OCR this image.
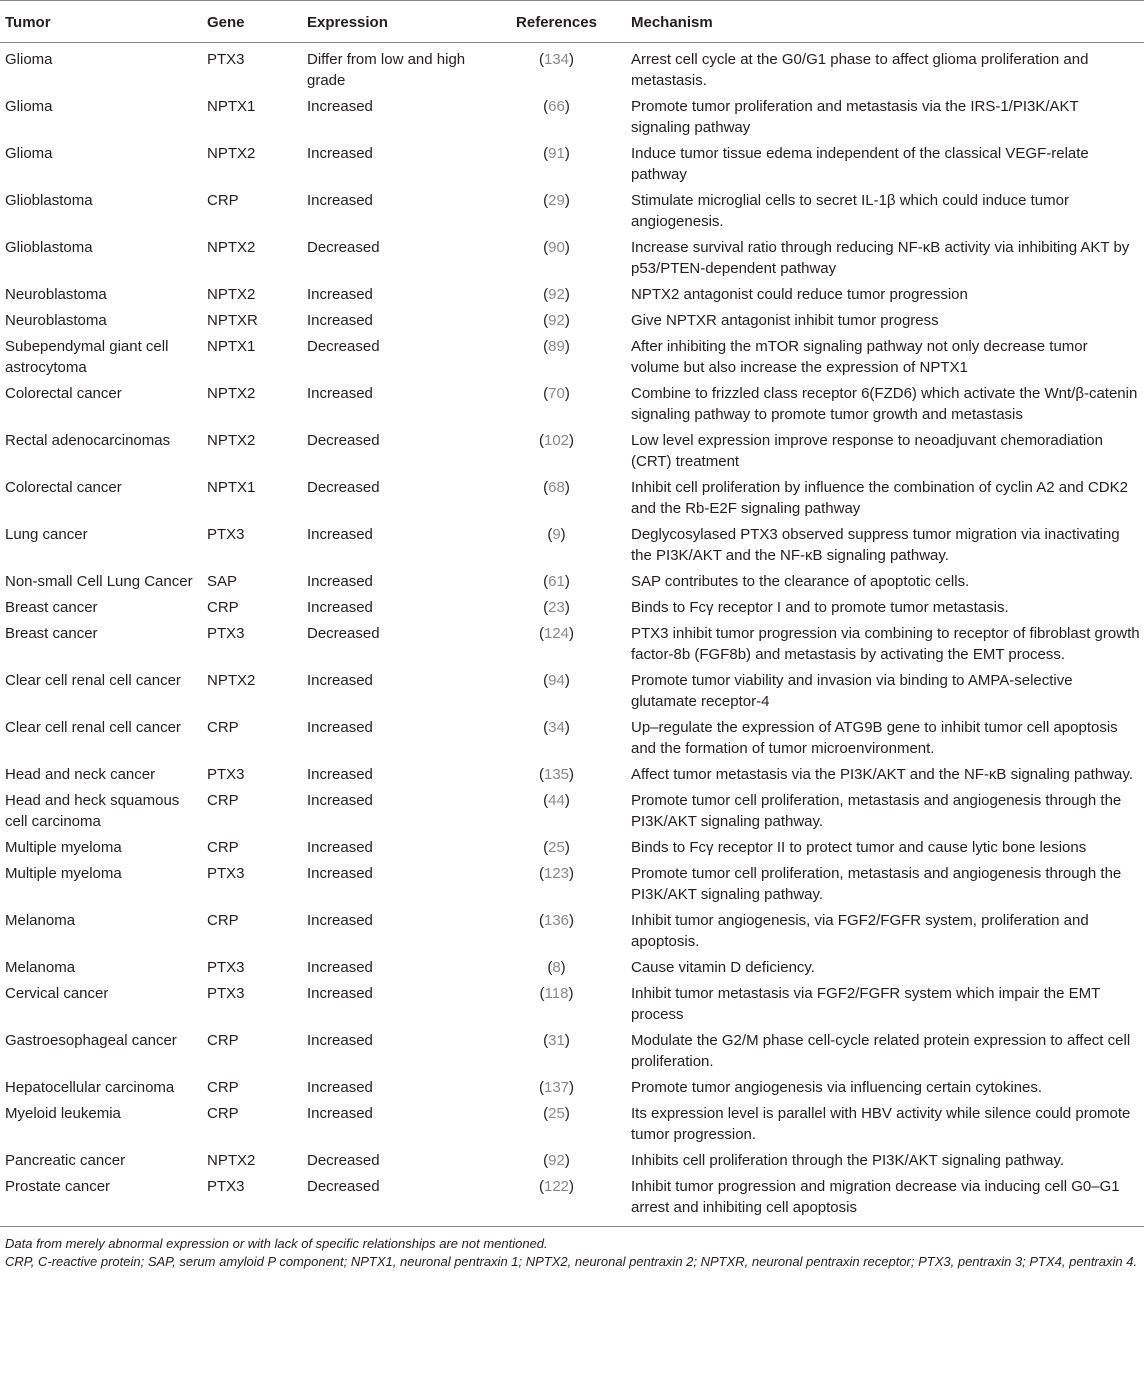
Tumor	Gene	Expression	References	Mechanism
Glioma	PTX3	Differ from low and high grade	(134)	Arrest cell cycle at the G0/G1 phase to affect glioma proliferation and metastasis.
Glioma	NPTX1	Increased	(66)	Promote tumor proliferation and metastasis via the IRS-1/PI3K/AKT signaling pathway
Glioma	NPTX2	Increased	(91)	Induce tumor tissue edema independent of the classical VEGF-relate pathway
Glioblastoma	CRP	Increased	(29)	Stimulate microglial cells to secret IL-1β which could induce tumor angiogenesis.
Glioblastoma	NPTX2	Decreased	(90)	Increase survival ratio through reducing NF-κB activity via inhibiting AKT by p53/PTEN-dependent pathway
Neuroblastoma	NPTX2	Increased	(92)	NPTX2 antagonist could reduce tumor progression
Neuroblastoma	NPTXR	Increased	(92)	Give NPTXR antagonist inhibit tumor progress
Subependymal giant cell astrocytoma	NPTX1	Decreased	(89)	After inhibiting the mTOR signaling pathway not only decrease tumor volume but also increase the expression of NPTX1
Colorectal cancer	NPTX2	Increased	(70)	Combine to frizzled class receptor 6(FZD6) which activate the Wnt/β-catenin signaling pathway to promote tumor growth and metastasis
Rectal adenocarcinomas	NPTX2	Decreased	(102)	Low level expression improve response to neoadjuvant chemoradiation (CRT) treatment
Colorectal cancer	NPTX1	Decreased	(68)	Inhibit cell proliferation by influence the combination of cyclin A2 and CDK2 and the Rb-E2F signaling pathway
Lung cancer	PTX3	Increased	(9)	Deglycosylased PTX3 observed suppress tumor migration via inactivating the PI3K/AKT and the NF-κB signaling pathway.
Non-small Cell Lung Cancer	SAP	Increased	(61)	SAP contributes to the clearance of apoptotic cells.
Breast cancer	CRP	Increased	(23)	Binds to Fcγ receptor I and to promote tumor metastasis.
Breast cancer	PTX3	Decreased	(124)	PTX3 inhibit tumor progression via combining to receptor of fibroblast growth factor-8b (FGF8b) and metastasis by activating the EMT process.
Clear cell renal cell cancer	NPTX2	Increased	(94)	Promote tumor viability and invasion via binding to AMPA-selective glutamate receptor-4
Clear cell renal cell cancer	CRP	Increased	(34)	Up–regulate the expression of ATG9B gene to inhibit tumor cell apoptosis and the formation of tumor microenvironment.
Head and neck cancer	PTX3	Increased	(135)	Affect tumor metastasis via the PI3K/AKT and the NF-κB signaling pathway.
Head and heck squamous cell carcinoma	CRP	Increased	(44)	Promote tumor cell proliferation, metastasis and angiogenesis through the PI3K/AKT signaling pathway.
Multiple myeloma	CRP	Increased	(25)	Binds to Fcγ receptor II to protect tumor and cause lytic bone lesions
Multiple myeloma	PTX3	Increased	(123)	Promote tumor cell proliferation, metastasis and angiogenesis through the PI3K/AKT signaling pathway.
Melanoma	CRP	Increased	(136)	Inhibit tumor angiogenesis, via FGF2/FGFR system, proliferation and apoptosis.
Melanoma	PTX3	Increased	(8)	Cause vitamin D deficiency.
Cervical cancer	PTX3	Increased	(118)	Inhibit tumor metastasis via FGF2/FGFR system which impair the EMT process
Gastroesophageal cancer	CRP	Increased	(31)	Modulate the G2/M phase cell-cycle related protein expression to affect cell proliferation.
Hepatocellular carcinoma	CRP	Increased	(137)	Promote tumor angiogenesis via influencing certain cytokines.
Myeloid leukemia	CRP	Increased	(25)	Its expression level is parallel with HBV activity while silence could promote tumor progression.
Pancreatic cancer	NPTX2	Decreased	(92)	Inhibits cell proliferation through the PI3K/AKT signaling pathway.
Prostate cancer	PTX3	Decreased	(122)	Inhibit tumor progression and migration decrease via inducing cell G0–G1 arrest and inhibiting cell apoptosis
Data from merely abnormal expression or with lack of specific relationships are not mentioned.
CRP, C-reactive protein; SAP, serum amyloid P component; NPTX1, neuronal pentraxin 1; NPTX2, neuronal pentraxin 2; NPTXR, neuronal pentraxin receptor; PTX3, pentraxin 3; PTX4, pentraxin 4.
